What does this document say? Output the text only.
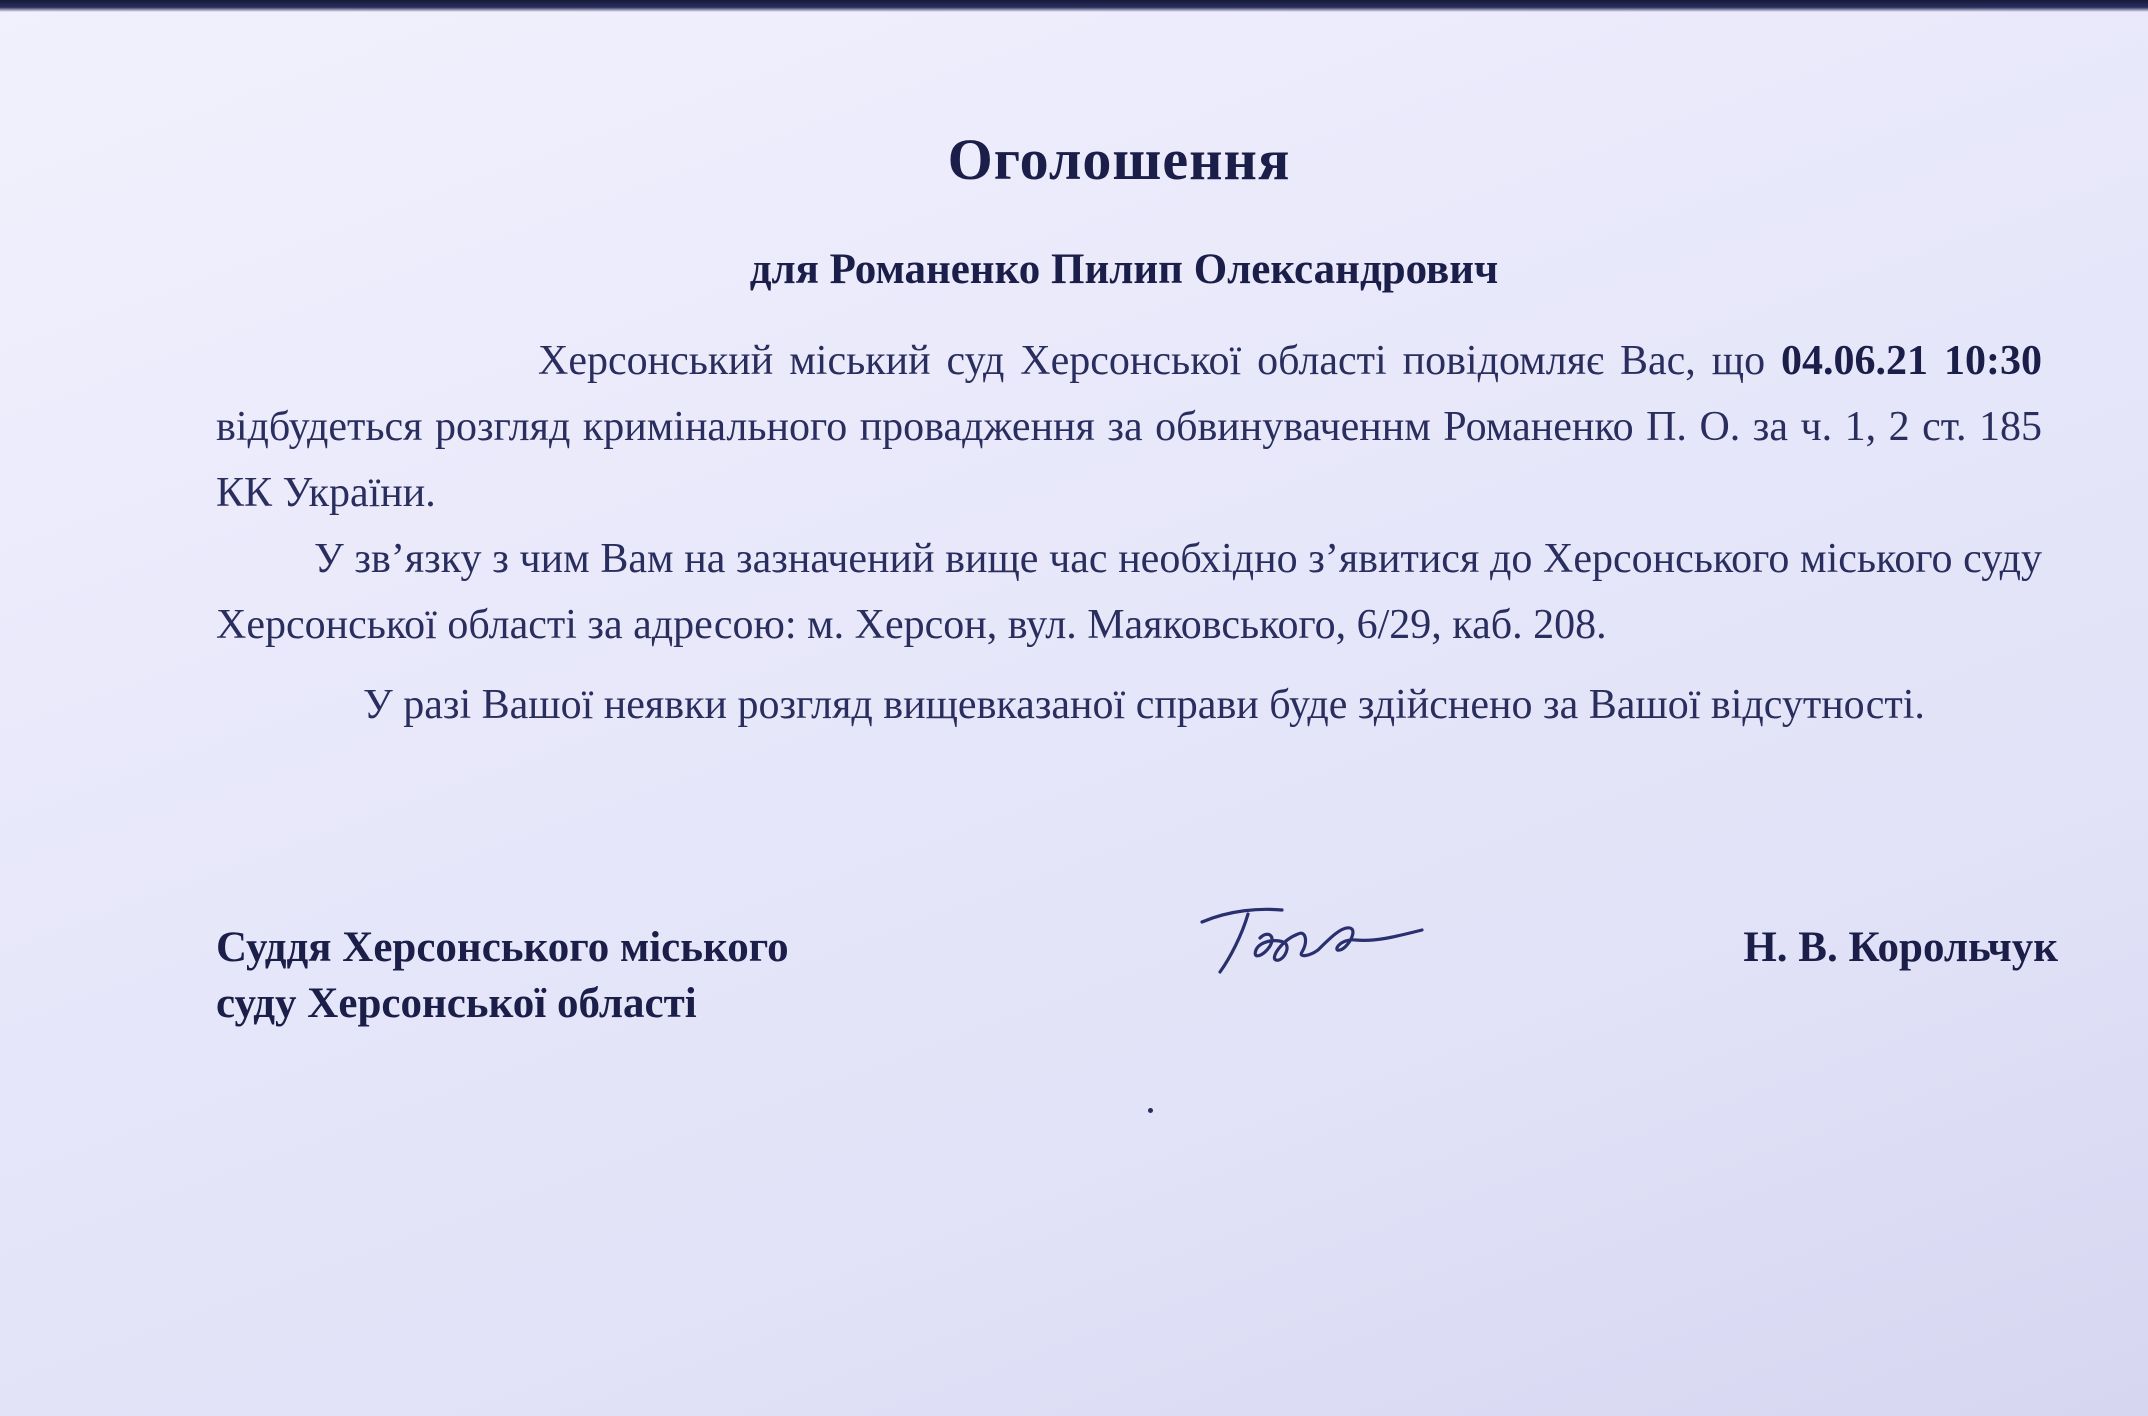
Оголошення
для Романенко Пилип Олександрович

Херсонський міський суд Херсонської області повідомляє Вас, що 04.06.21 10:30 відбудеться розгляд кримінального провадження за обвинуваченнм Романенко П. О. за ч. 1, 2 ст. 185 КК України.

У зв’язку з чим Вам на зазначений вище час необхідно з’явитися до Херсонського міського суду Херсонської області за адресою: м. Херсон, вул. Маяковського, 6/29, каб. 208.

У разі Вашої неявки розгляд вищевказаної справи буде здійснено за Вашої відсутності.

Суддя Херсонського міського
суду Херсонської області
Н. В. Корольчук
